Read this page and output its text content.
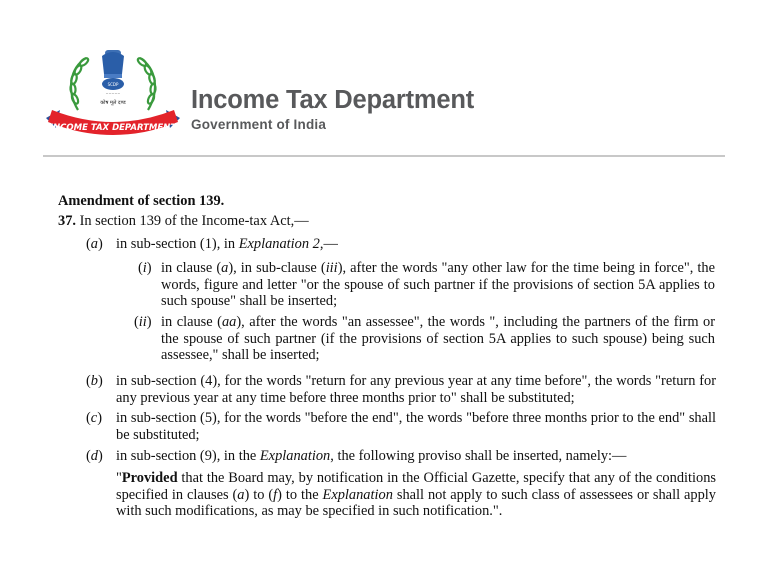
SCDP
~~~~~
कोष मूले दण्ड
INCOME TAX DEPARTMENT
Income Tax Department
Government of India
Amendment of section 139.
37. In section 139 of the Income-tax Act,—
(a) in sub-section (1), in Explanation 2,—
(i) in clause (a), in sub-clause (iii), after the words "any other law for the time being in force", the words, figure and letter "or the spouse of such partner if the provisions of section 5A applies to such spouse" shall be inserted;
(ii) in clause (aa), after the words "an assessee", the words ", including the partners of the firm or the spouse of such partner (if the provisions of section 5A applies to such spouse) being such assessee," shall be inserted;
(b) in sub-section (4), for the words "return for any previous year at any time before", the words "return for any previous year at any time before three months prior to" shall be substituted;
(c) in sub-section (5), for the words "before the end", the words "before three months prior to the end" shall be substituted;
(d) in sub-section (9), in the Explanation, the following proviso shall be inserted, namely:—
"Provided that the Board may, by notification in the Official Gazette, specify that any of the conditions specified in clauses (a) to (f) to the Explanation shall not apply to such class of assessees or shall apply with such modifications, as may be specified in such notification.".
